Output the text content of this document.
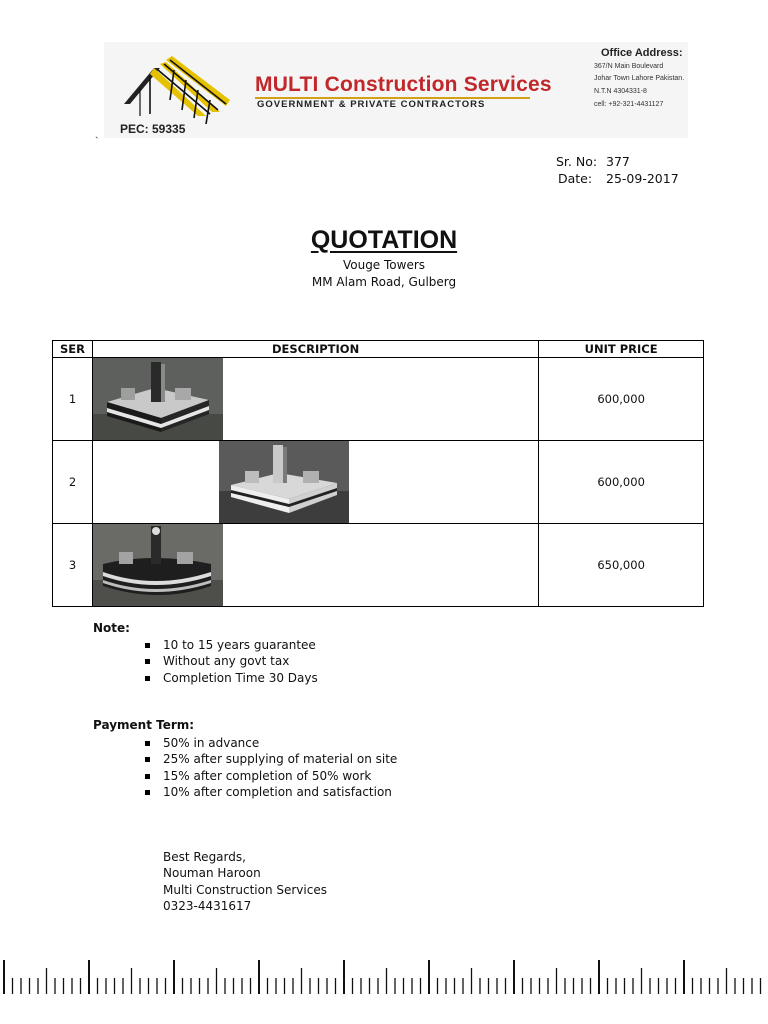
MULTI Construction Services
GOVERNMENT & PRIVATE CONTRACTORS
PEC: 59335
Office Address:
367/N Main Boulevard
Johar Town Lahore Pakistan.
N.T.N 4304331-8
cell: +92-321-4431127
`
Sr. No: 377
Date: 25-09-2017
QUOTATION
Vouge Towers
MM Alam Road, Gulberg
SER	DESCRIPTION	UNIT PRICE
1		600,000
2		600,000
3		650,000
Note:
10 to 15 years guarantee
Without any govt tax
Completion Time 30 Days
Payment Term:
50% in advance
25% after supplying of material on site
15% after completion of 50% work
10% after completion and satisfaction
Best Regards,
Nouman Haroon
Multi Construction Services
0323-4431617
